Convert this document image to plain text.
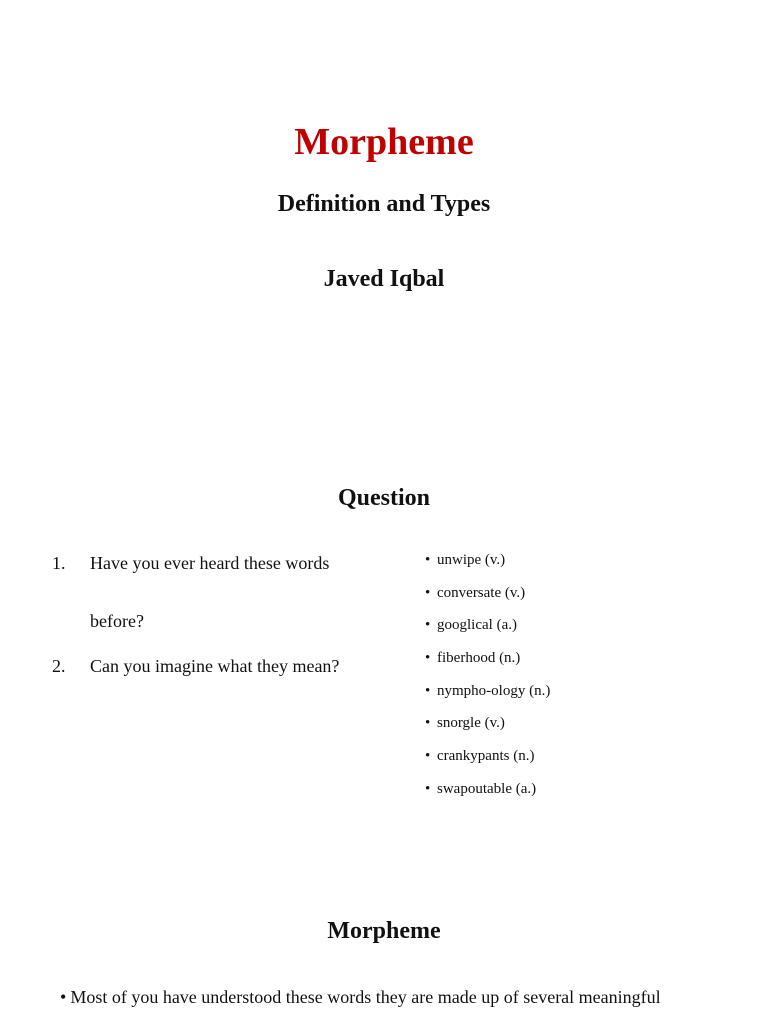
Morpheme
Definition and Types
Javed Iqbal
Question
1. Have you ever heard these words
before?
2. Can you imagine what they mean?
• unwipe (v.)
• conversate (v.)
• googlical (a.)
• fiberhood (n.)
• nympho-ology (n.)
• snorgle (v.)
• crankypants (n.)
• swapoutable (a.)
Morpheme

• Most of you have understood these words they are made up of several meaningful
